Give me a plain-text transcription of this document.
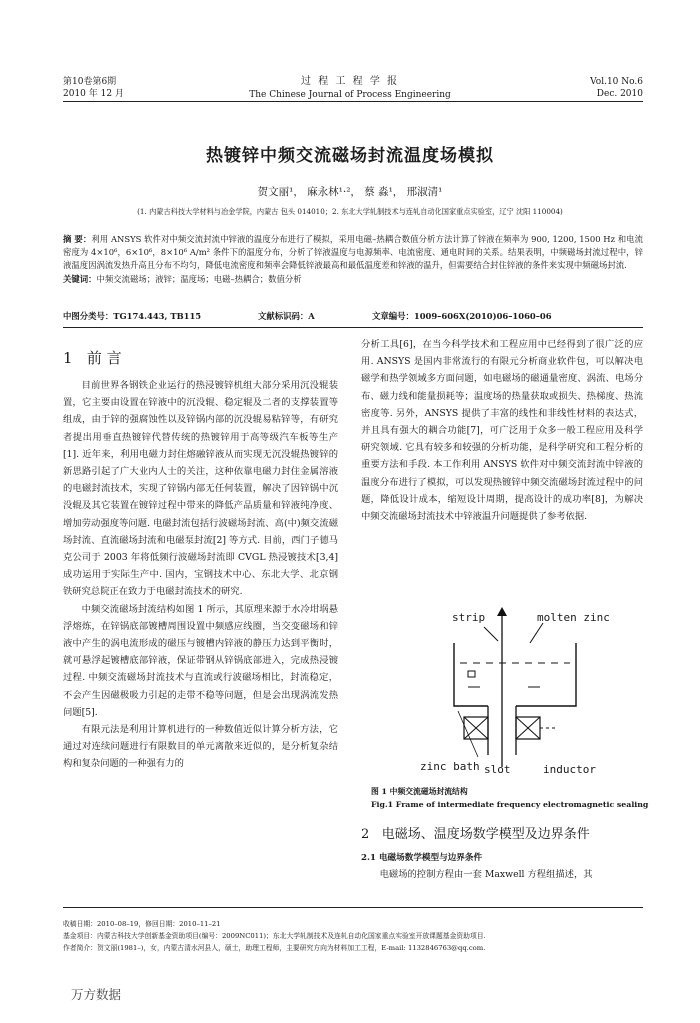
第10卷第6期
2010 年 12 月
过 程 工 程 学 报
The Chinese Journal of Process Engineering
Vol.10 No.6
Dec. 2010
热镀锌中频交流磁场封流温度场模拟
贺文丽¹， 麻永林¹·²， 蔡 淼¹， 邢淑清¹
(1. 内蒙古科技大学材料与冶金学院，内蒙古 包头 014010；2. 东北大学轧制技术与连轧自动化国家重点实验室，辽宁 沈阳 110004)
摘 要：利用 ANSYS 软件对中频交流封流中锌液的温度分布进行了模拟，采用电磁–热耦合数值分析方法计算了锌液在频率为 900, 1200, 1500 Hz 和电流密度为 4×10⁶，6×10⁶，8×10⁶ A/m² 条件下的温度分布，分析了锌液温度与电源频率、电流密度、通电时间的关系。结果表明，中频磁场封流过程中，锌液温度因涡流发热升高且分布不均匀，降低电流密度和频率会降低锌液最高和最低温度差和锌液的温升，但需要结合封住锌液的条件来实现中频磁场封流.
关键词：中频交流磁场；液锌；温度场；电磁–热耦合；数值分析
中图分类号：TG174.443, TB115	文献标识码：A	文章编号：1009–606X(2010)06–1060–06
1 前 言

目前世界各钢铁企业运行的热浸镀锌机组大部分采用沉没辊装置，它主要由设置在锌液中的沉没辊、稳定辊及二者的支撑装置等组成，由于锌的强腐蚀性以及锌锅内部的沉没辊易粘锌等，有研究者提出用垂直热镀锌代替传统的热镀锌用于高等级汽车板等生产[1]. 近年来，利用电磁力封住熔融锌液从而实现无沉没辊热镀锌的新思路引起了广大业内人士的关注，这种依靠电磁力封住金属溶液的电磁封流技术，实现了锌锅内部无任何装置，解决了因锌锅中沉没辊及其它装置在镀锌过程中带来的降低产品质量和锌液纯净度、增加劳动强度等问题. 电磁封流包括行波磁场封流、高(中)频交流磁场封流、直流磁场封流和电磁泵封流[2] 等方式. 目前，西门子德马克公司于 2003 年将低频行波磁场封流即 CVGL 热浸镀技术[3,4]成功运用于实际生产中. 国内，宝钢技术中心、东北大学、北京钢铁研究总院正在致力于电磁封流技术的研究.

中频交流磁场封流结构如图 1 所示，其原理来源于水冷坩埚悬浮熔炼，在锌锅底部镀槽周围设置中频感应线圈，当交变磁场和锌液中产生的涡电流形成的磁压与镀槽内锌液的静压力达到平衡时，就可悬浮起镀槽底部锌液，保证带钢从锌锅底部进入，完成热浸镀过程. 中频交流磁场封流技术与直流或行波磁场相比，封流稳定，不会产生因磁极吸力引起的走带不稳等问题，但是会出现涡流发热问题[5].

有限元法是利用计算机进行的一种数值近似计算分析方法，它通过对连续问题进行有限数目的单元离散来近似的，是分析复杂结构和复杂问题的一种强有力的

分析工具[6]，在当今科学技术和工程应用中已经得到了很广泛的应用. ANSYS 是国内非常流行的有限元分析商业软件包，可以解决电磁学和热学领域多方面问题，如电磁场的磁通量密度、涡流、电场分布、磁力线和能量损耗等；温度场的热量获取或损失、热梯度、热流密度等. 另外，ANSYS 提供了丰富的线性和非线性材料的表达式，并且具有强大的耦合功能[7]，可广泛用于众多一般工程应用及科学研究领域. 它具有较多和较强的分析功能，是科学研究和工程分析的重要方法和手段. 本工作利用 ANSYS 软件对中频交流封流中锌液的温度分布进行了模拟，可以发现热镀锌中频交流磁场封流过程中的问题，降低设计成本，缩短设计周期，提高设计的成功率[8]，为解决中频交流磁场封流技术中锌液温升问题提供了参考依据.

strip	molten zinc
zinc bath slot	inductor
图 1 中频交流磁场封流结构
Fig.1 Frame of intermediate frequency electromagnetic sealing
2 电磁场、温度场数学模型及边界条件
2.1 电磁场数学模型与边界条件

电磁场的控制方程由一套 Maxwell 方程组描述，其

收稿日期：2010–08–19，修回日期：2010–11–21
基金项目：内蒙古科技大学创新基金资助项目(编号：2009NC011)；东北大学轧制技术及连轧自动化国家重点实验室开放课题基金资助项目.
作者简介：贺文丽(1981–)，女，内蒙古清水河县人，硕士，助理工程师，主要研究方向为材料加工工程，E-mail: 1132846763@qq.com.
万方数据
